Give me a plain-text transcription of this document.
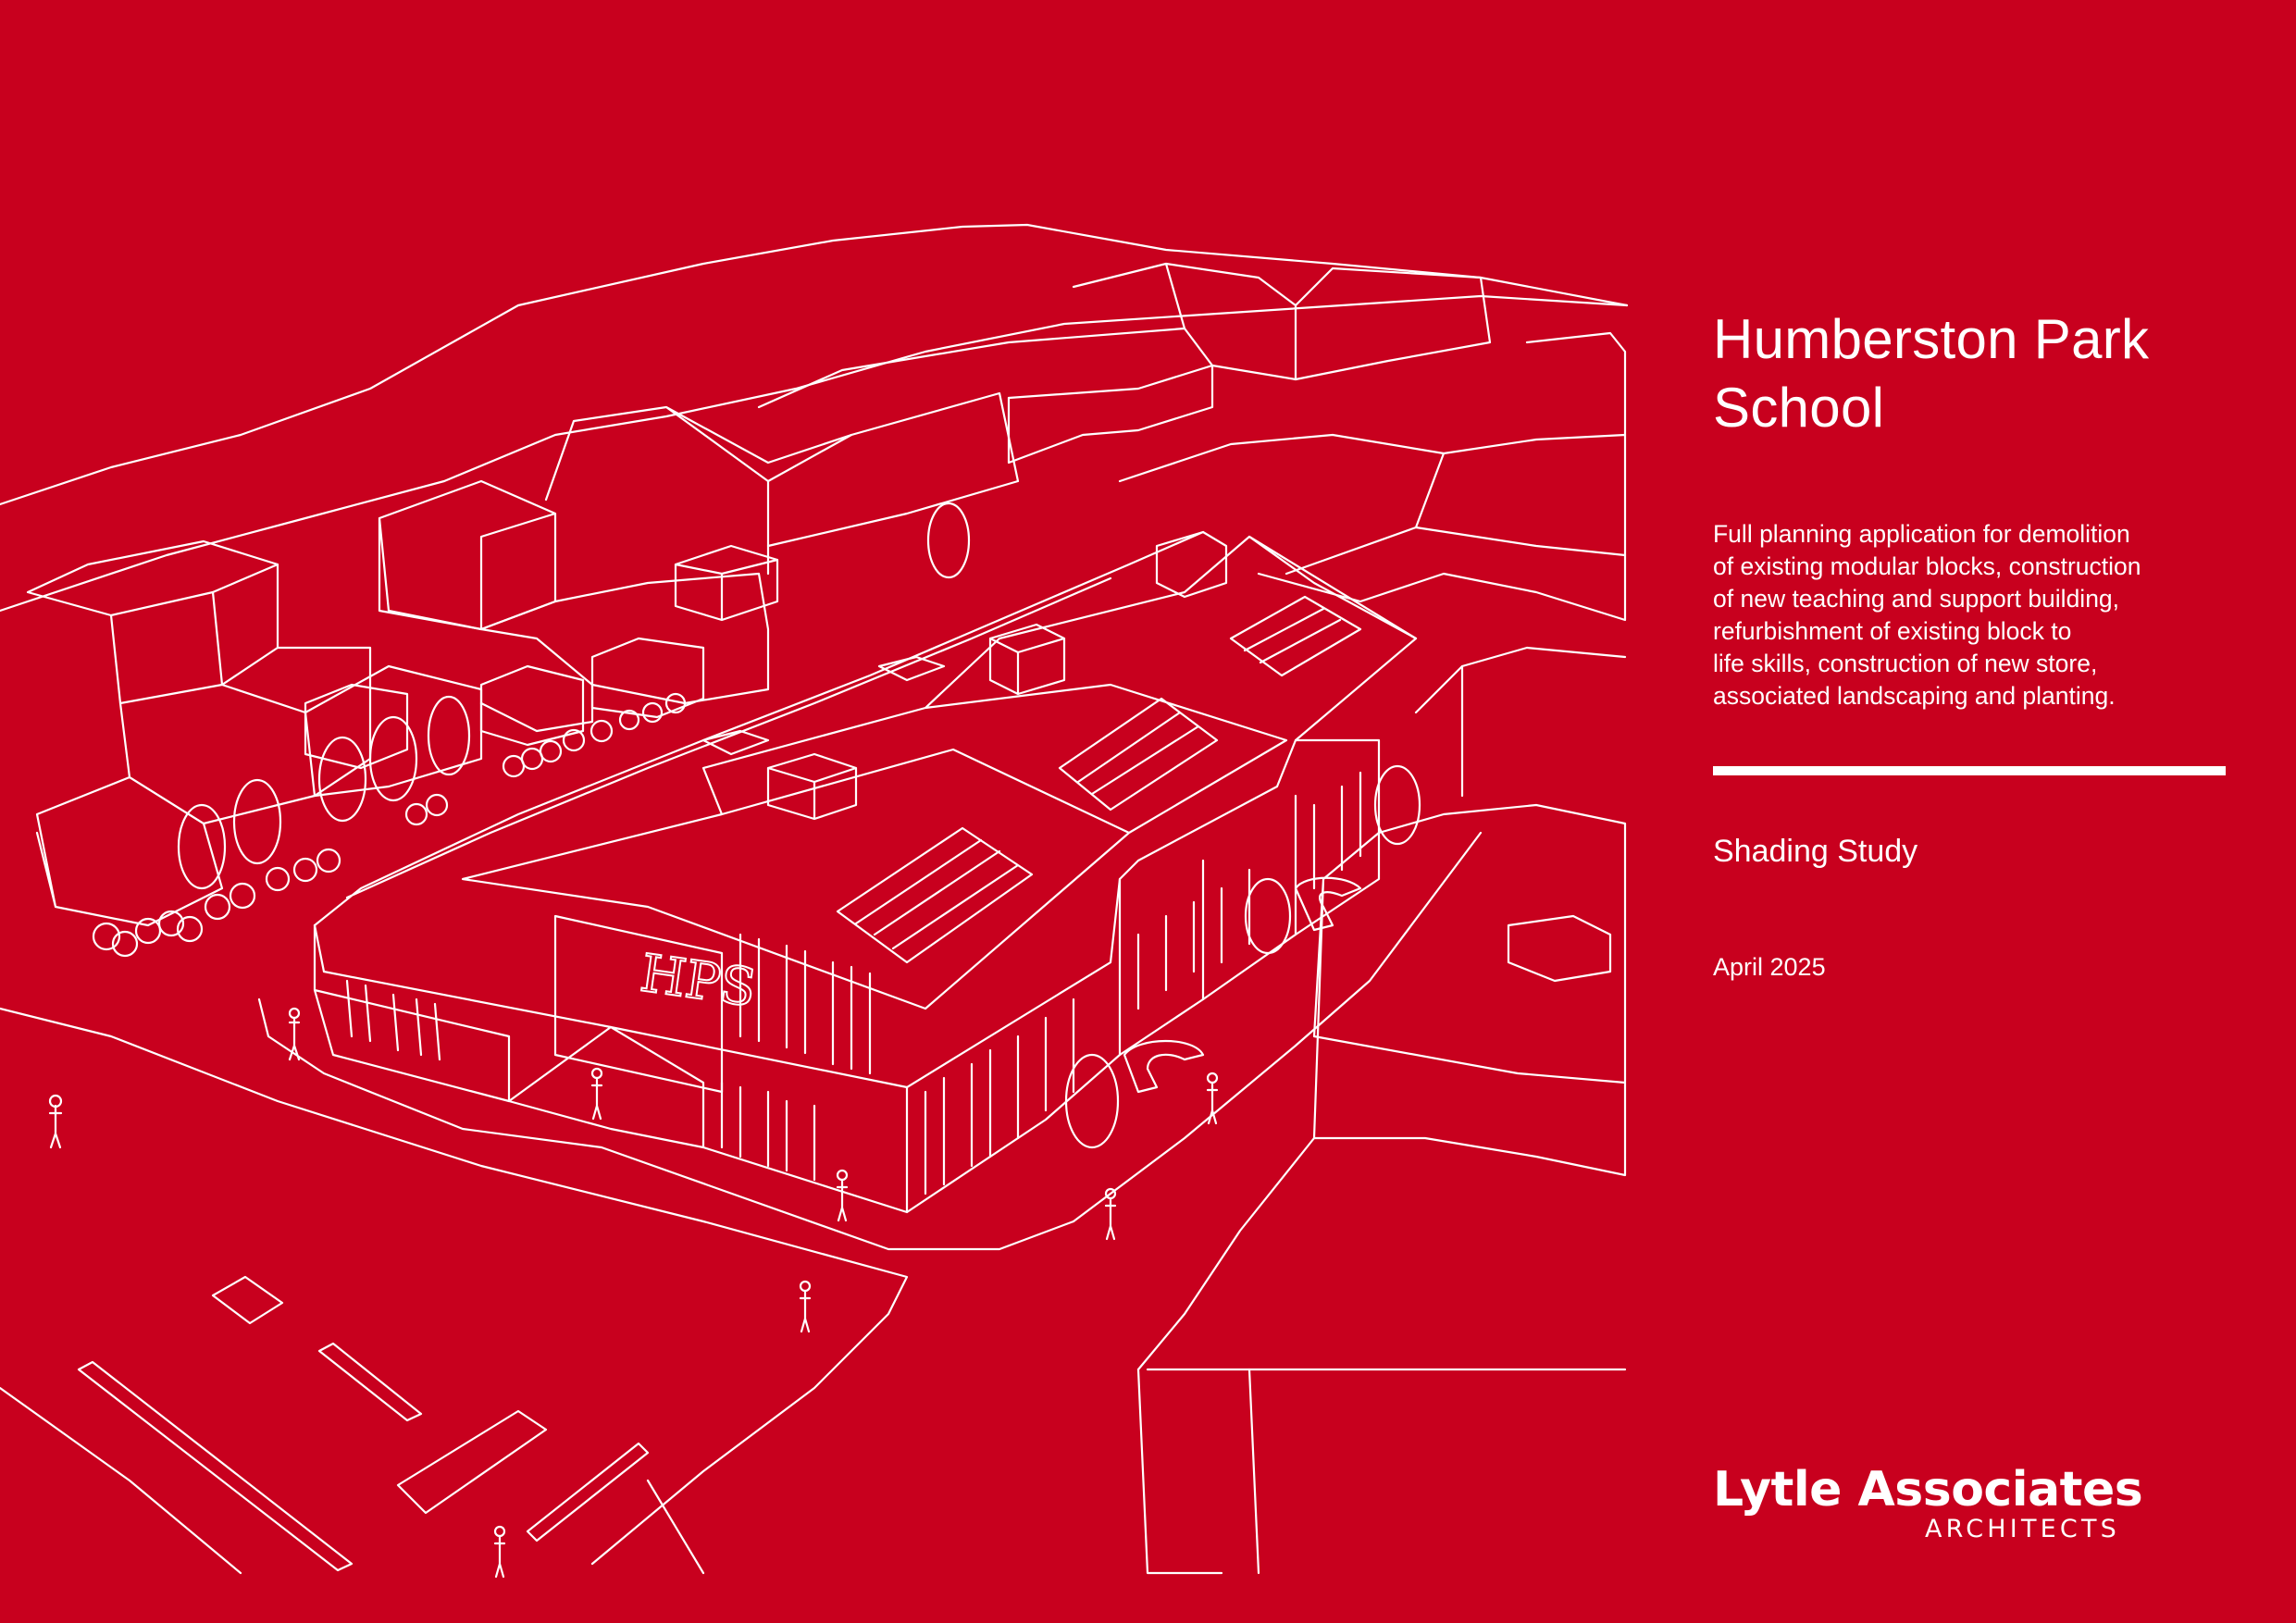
HPS
Humberston Park
School
Full planning application for demolition
of existing modular blocks, construction
of new teaching and support building,
refurbishment of existing block to
life skills, construction of new store,
associated landscaping and planting.
Shading Study
April 2025
Lytle Associates
ARCHITECTS
